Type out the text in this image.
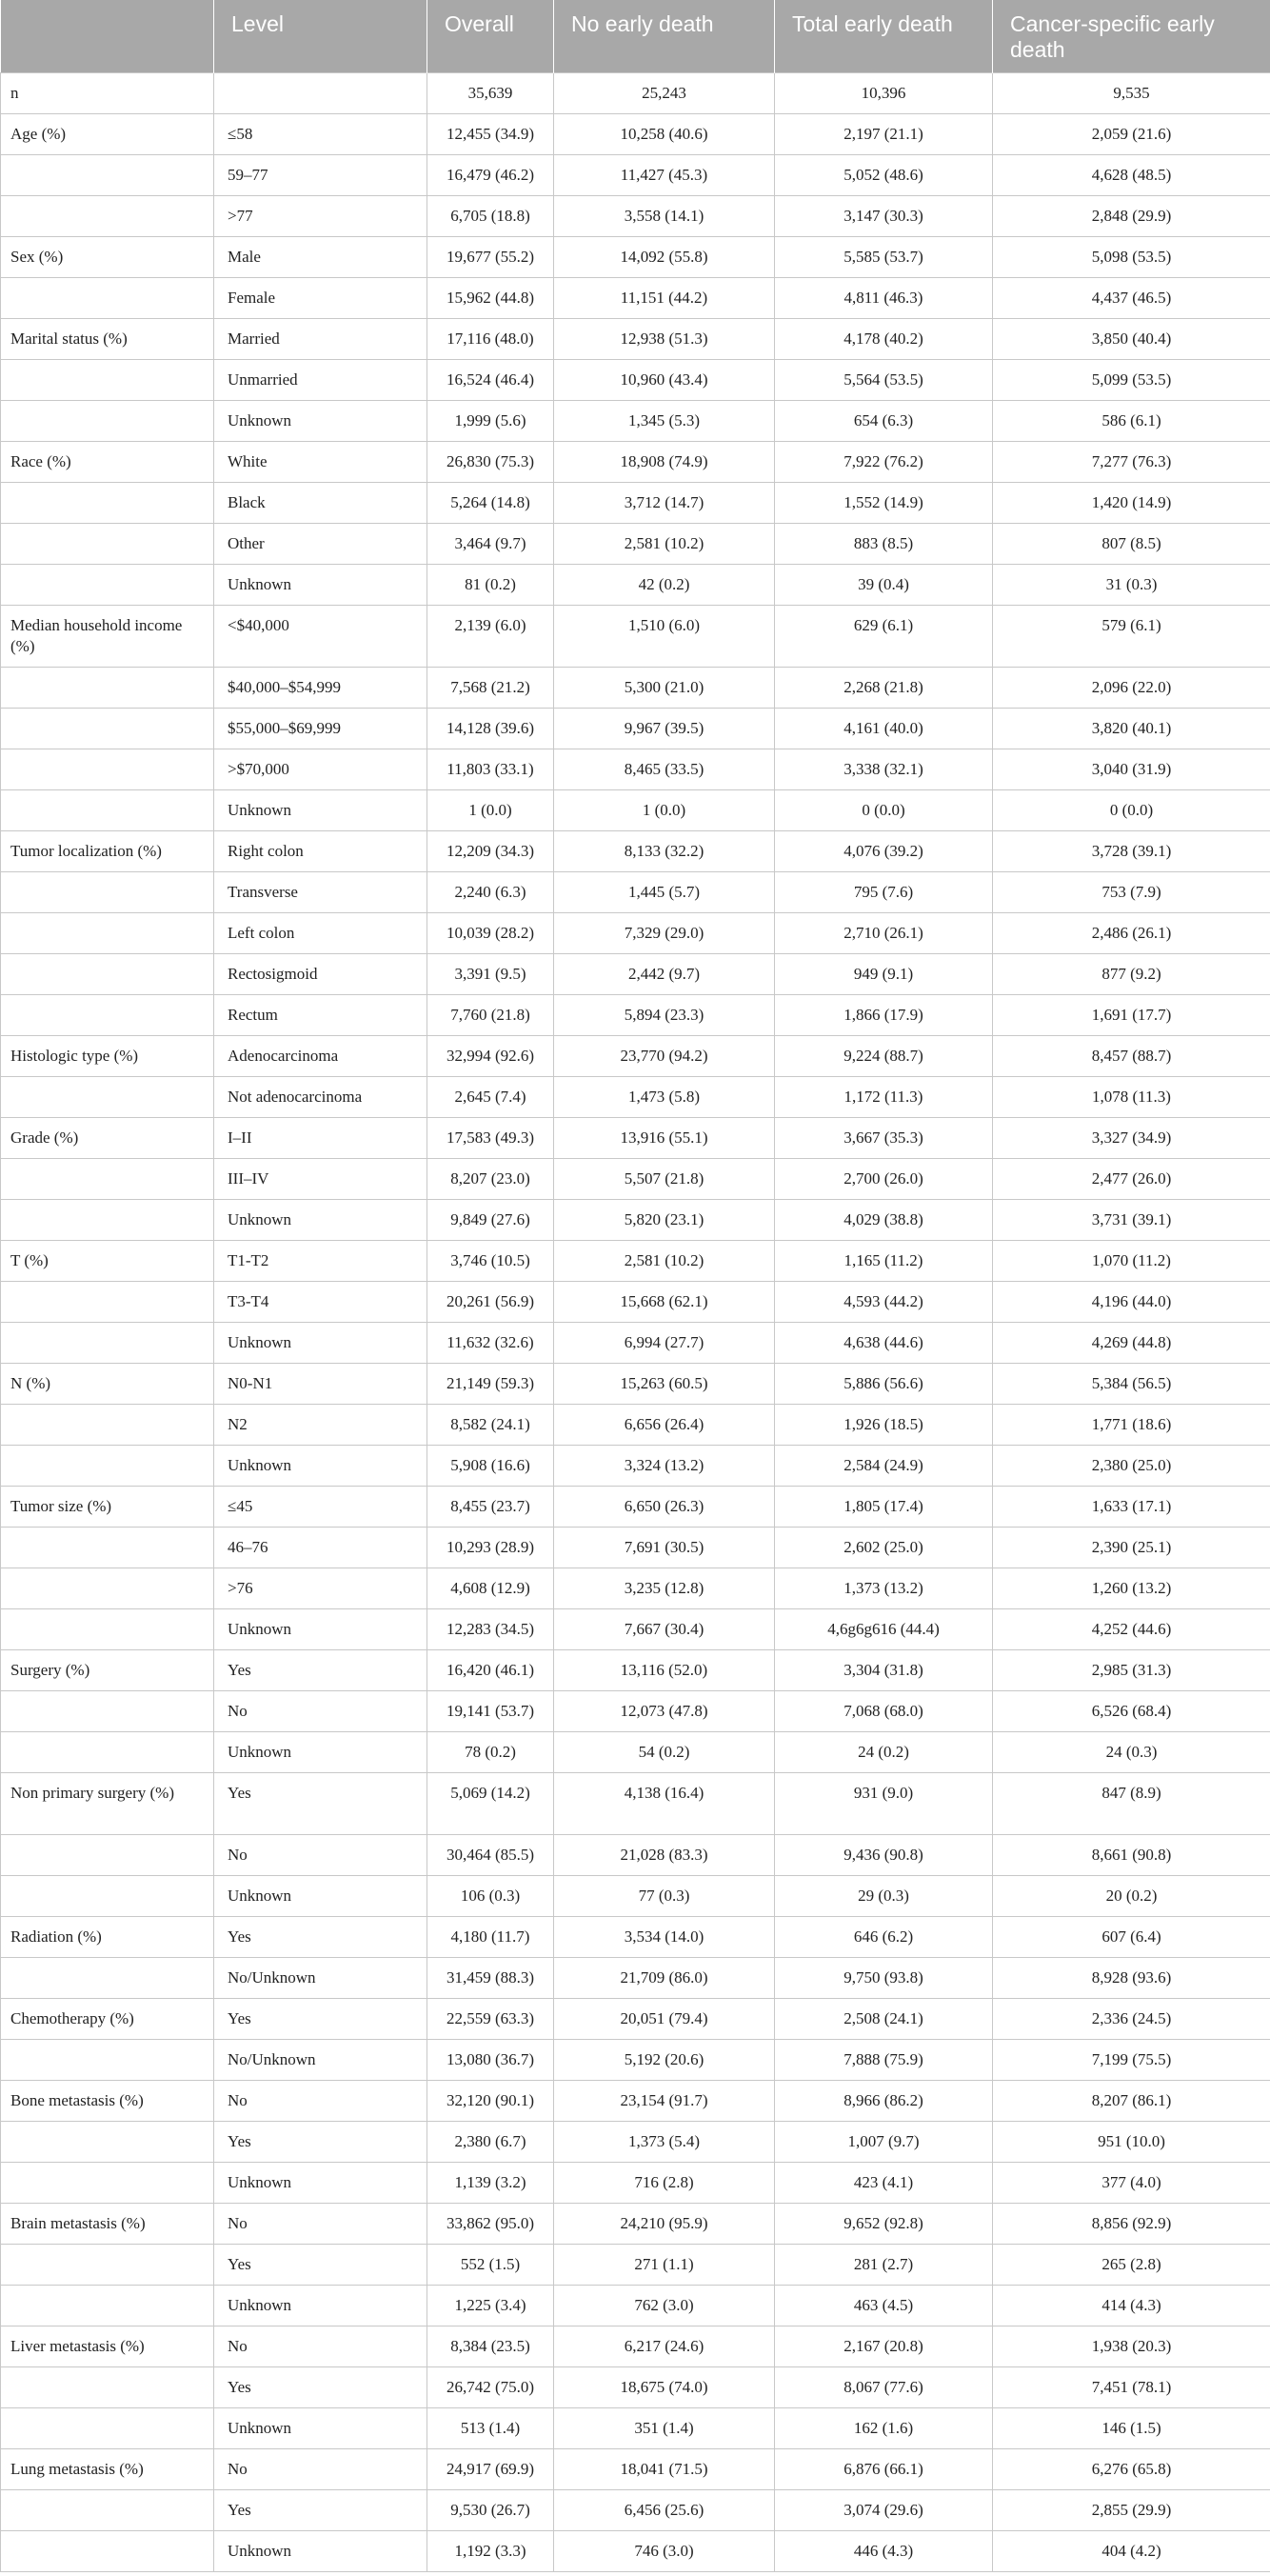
	Level	Overall	No early death	Total early death	Cancer-specific early death
n		35,639	25,243	10,396	9,535
Age (%)	≤58	12,455 (34.9)	10,258 (40.6)	2,197 (21.1)	2,059 (21.6)
	59–77	16,479 (46.2)	11,427 (45.3)	5,052 (48.6)	4,628 (48.5)
	>77	6,705 (18.8)	3,558 (14.1)	3,147 (30.3)	2,848 (29.9)
Sex (%)	Male	19,677 (55.2)	14,092 (55.8)	5,585 (53.7)	5,098 (53.5)
	Female	15,962 (44.8)	11,151 (44.2)	4,811 (46.3)	4,437 (46.5)
Marital status (%)	Married	17,116 (48.0)	12,938 (51.3)	4,178 (40.2)	3,850 (40.4)
	Unmarried	16,524 (46.4)	10,960 (43.4)	5,564 (53.5)	5,099 (53.5)
	Unknown	1,999 (5.6)	1,345 (5.3)	654 (6.3)	586 (6.1)
Race (%)	White	26,830 (75.3)	18,908 (74.9)	7,922 (76.2)	7,277 (76.3)
	Black	5,264 (14.8)	3,712 (14.7)	1,552 (14.9)	1,420 (14.9)
	Other	3,464 (9.7)	2,581 (10.2)	883 (8.5)	807 (8.5)
	Unknown	81 (0.2)	42 (0.2)	39 (0.4)	31 (0.3)
Median household income (%)	<$40,000	2,139 (6.0)	1,510 (6.0)	629 (6.1)	579 (6.1)
	$40,000–$54,999	7,568 (21.2)	5,300 (21.0)	2,268 (21.8)	2,096 (22.0)
	$55,000–$69,999	14,128 (39.6)	9,967 (39.5)	4,161 (40.0)	3,820 (40.1)
	>$70,000	11,803 (33.1)	8,465 (33.5)	3,338 (32.1)	3,040 (31.9)
	Unknown	1 (0.0)	1 (0.0)	0 (0.0)	0 (0.0)
Tumor localization (%)	Right colon	12,209 (34.3)	8,133 (32.2)	4,076 (39.2)	3,728 (39.1)
	Transverse	2,240 (6.3)	1,445 (5.7)	795 (7.6)	753 (7.9)
	Left colon	10,039 (28.2)	7,329 (29.0)	2,710 (26.1)	2,486 (26.1)
	Rectosigmoid	3,391 (9.5)	2,442 (9.7)	949 (9.1)	877 (9.2)
	Rectum	7,760 (21.8)	5,894 (23.3)	1,866 (17.9)	1,691 (17.7)
Histologic type (%)	Adenocarcinoma	32,994 (92.6)	23,770 (94.2)	9,224 (88.7)	8,457 (88.7)
	Not adenocarcinoma	2,645 (7.4)	1,473 (5.8)	1,172 (11.3)	1,078 (11.3)
Grade (%)	I–II	17,583 (49.3)	13,916 (55.1)	3,667 (35.3)	3,327 (34.9)
	III–IV	8,207 (23.0)	5,507 (21.8)	2,700 (26.0)	2,477 (26.0)
	Unknown	9,849 (27.6)	5,820 (23.1)	4,029 (38.8)	3,731 (39.1)
T (%)	T1-T2	3,746 (10.5)	2,581 (10.2)	1,165 (11.2)	1,070 (11.2)
	T3-T4	20,261 (56.9)	15,668 (62.1)	4,593 (44.2)	4,196 (44.0)
	Unknown	11,632 (32.6)	6,994 (27.7)	4,638 (44.6)	4,269 (44.8)
N (%)	N0-N1	21,149 (59.3)	15,263 (60.5)	5,886 (56.6)	5,384 (56.5)
	N2	8,582 (24.1)	6,656 (26.4)	1,926 (18.5)	1,771 (18.6)
	Unknown	5,908 (16.6)	3,324 (13.2)	2,584 (24.9)	2,380 (25.0)
Tumor size (%)	≤45	8,455 (23.7)	6,650 (26.3)	1,805 (17.4)	1,633 (17.1)
	46–76	10,293 (28.9)	7,691 (30.5)	2,602 (25.0)	2,390 (25.1)
	>76	4,608 (12.9)	3,235 (12.8)	1,373 (13.2)	1,260 (13.2)
	Unknown	12,283 (34.5)	7,667 (30.4)	4,6g6g616 (44.4)	4,252 (44.6)
Surgery (%)	Yes	16,420 (46.1)	13,116 (52.0)	3,304 (31.8)	2,985 (31.3)
	No	19,141 (53.7)	12,073 (47.8)	7,068 (68.0)	6,526 (68.4)
	Unknown	78 (0.2)	54 (0.2)	24 (0.2)	24 (0.3)
Non primary surgery (%)	Yes	5,069 (14.2)	4,138 (16.4)	931 (9.0)	847 (8.9)
	No	30,464 (85.5)	21,028 (83.3)	9,436 (90.8)	8,661 (90.8)
	Unknown	106 (0.3)	77 (0.3)	29 (0.3)	20 (0.2)
Radiation (%)	Yes	4,180 (11.7)	3,534 (14.0)	646 (6.2)	607 (6.4)
	No/Unknown	31,459 (88.3)	21,709 (86.0)	9,750 (93.8)	8,928 (93.6)
Chemotherapy (%)	Yes	22,559 (63.3)	20,051 (79.4)	2,508 (24.1)	2,336 (24.5)
	No/Unknown	13,080 (36.7)	5,192 (20.6)	7,888 (75.9)	7,199 (75.5)
Bone metastasis (%)	No	32,120 (90.1)	23,154 (91.7)	8,966 (86.2)	8,207 (86.1)
	Yes	2,380 (6.7)	1,373 (5.4)	1,007 (9.7)	951 (10.0)
	Unknown	1,139 (3.2)	716 (2.8)	423 (4.1)	377 (4.0)
Brain metastasis (%)	No	33,862 (95.0)	24,210 (95.9)	9,652 (92.8)	8,856 (92.9)
	Yes	552 (1.5)	271 (1.1)	281 (2.7)	265 (2.8)
	Unknown	1,225 (3.4)	762 (3.0)	463 (4.5)	414 (4.3)
Liver metastasis (%)	No	8,384 (23.5)	6,217 (24.6)	2,167 (20.8)	1,938 (20.3)
	Yes	26,742 (75.0)	18,675 (74.0)	8,067 (77.6)	7,451 (78.1)
	Unknown	513 (1.4)	351 (1.4)	162 (1.6)	146 (1.5)
Lung metastasis (%)	No	24,917 (69.9)	18,041 (71.5)	6,876 (66.1)	6,276 (65.8)
	Yes	9,530 (26.7)	6,456 (25.6)	3,074 (29.6)	2,855 (29.9)
	Unknown	1,192 (3.3)	746 (3.0)	446 (4.3)	404 (4.2)
